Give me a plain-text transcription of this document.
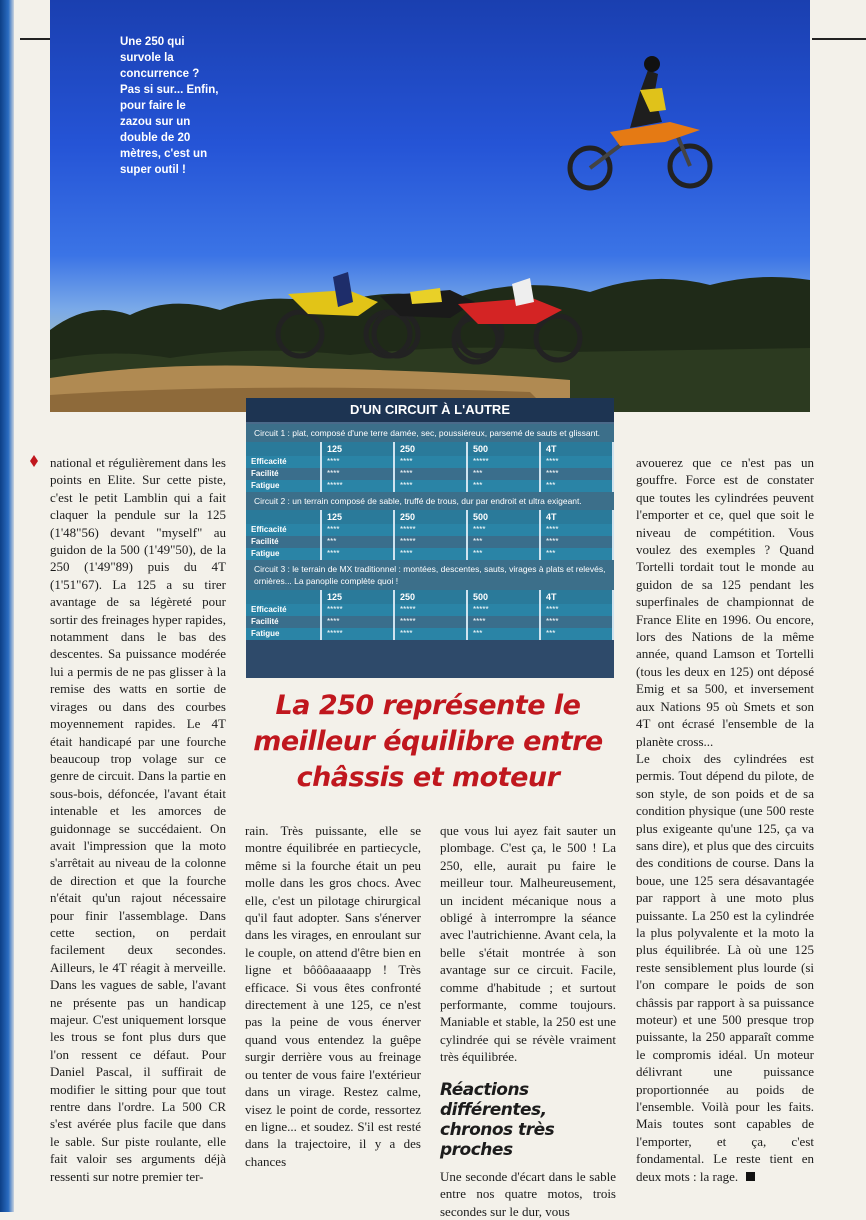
Une 250 qui survole la concurrence ? Pas si sur... Enfin, pour faire le zazou sur un double de 20 mètres, c'est un super outil !
D'UN CIRCUIT À L'AUTRE
Circuit 1 : plat, composé d'une terre damée, sec, poussiéreux, parsemé de sauts et glissant.
125	250	500	4T
Efficacité	****	****	*****	****
Facilité	****	****	***	****
Fatigue	*****	****	***	***
Circuit 2 : un terrain composé de sable, truffé de trous, dur par endroit et ultra exigeant.
125	250	500	4T
Efficacité	****	*****	****	****
Facilité	***	*****	***	****
Fatigue	****	****	***	***
Circuit 3 : le terrain de MX traditionnel : montées, descentes, sauts, virages à plats et relevés, ornières... La panoplie complète quoi !
125	250	500	4T
Efficacité	*****	*****	*****	****
Facilité	****	*****	****	****
Fatigue	*****	****	***	***
La 250 représente le meilleur équilibre entre châssis et moteur

national et régulièrement dans les points en Elite. Sur cette piste, c'est le petit Lamblin qui a fait claquer la pendule sur la 125 (1'48"56) devant "myself" au guidon de la 500 (1'49"50), de la 250 (1'49"89) puis du 4T (1'51"67). La 125 a su tirer avantage de sa légèreté pour sortir des freinages hyper rapides, notamment dans le bas des descentes. Sa puissance modérée lui a permis de ne pas glisser à la remise des watts en sortie de virages ou dans des courbes moyennement rapides. Le 4T était handicapé par une fourche beaucoup trop volage sur ce genre de circuit. Dans la partie en sous-bois, défoncée, l'avant était intenable et les amorces de guidonnage se succédaient. On avait l'impression que la moto s'arrêtait au niveau de la colonne de direction et que la fourche n'était qu'un rajout nécessaire pour finir l'assemblage. Dans cette section, on perdait facilement deux secondes. Ailleurs, le 4T réagit à merveille. Dans les vagues de sable, l'avant ne présente pas un handicap majeur. C'est uniquement lorsque les trous se font plus durs que l'on ressent ce défaut. Pour Daniel Pascal, il suffirait de modifier le sitting pour que tout rentre dans l'ordre. La 500 CR s'est avérée plus facile que dans le sable. Sur piste roulante, elle fait valoir ses arguments déjà ressenti sur notre premier ter-

rain. Très puissante, elle se montre équilibrée en partiecycle, même si la fourche était un peu molle dans les gros chocs. Avec elle, c'est un pilotage chirurgical qu'il faut adopter. Sans s'énerver dans les virages, en enroulant sur le couple, on attend d'être bien en ligne et bôôôaaaaapp ! Très efficace. Si vous êtes confronté directement à une 125, ce n'est pas la peine de vous énerver quand vous entendez la guêpe surgir derrière vous au freinage ou tenter de vous faire l'extérieur dans un virage. Restez calme, visez le point de corde, ressortez en ligne... et soudez. S'il est resté dans la trajectoire, il y a des chances

que vous lui ayez fait sauter un plombage. C'est ça, le 500 ! La 250, elle, aurait pu faire le meilleur tour. Malheureusement, un incident mécanique nous a obligé à interrompre la séance avec l'autrichienne. Avant cela, la belle s'était montrée à son avantage sur ce circuit. Facile, comme d'habitude ; et surtout performante, comme toujours. Maniable et stable, la 250 est une cylindrée qui se révèle vraiment très équilibrée.

Réactions différentes, chronos très proches

Une seconde d'écart dans le sable entre nos quatre motos, trois secondes sur le dur, vous

avouerez que ce n'est pas un gouffre. Force est de constater que toutes les cylindrées peuvent l'emporter et ce, quel que soit le niveau de compétition. Vous voulez des exemples ? Quand Tortelli tordait tout le monde au guidon de sa 125 pendant les superfinales de championnat de France Elite en 1996. Ou encore, lors des Nations de la même année, quand Lamson et Tortelli (tous les deux en 125) ont déposé Emig et sa 500, et inversement aux Nations 95 où Smets et son 4T ont écrasé l'ensemble de la planète cross...

Le choix des cylindrées est permis. Tout dépend du pilote, de son style, de son poids et de sa condition physique (une 500 reste plus exigeante qu'une 125, ça va sans dire), et plus que des circuits des conditions de course. Dans la boue, une 125 sera désavantagée par rapport à une moto plus puissante. La 250 est la cylindrée la plus polyvalente et la moto la plus équilibrée. Là où une 125 reste sensiblement plus lourde (si l'on compare le poids de son châssis par rapport à sa puissance moteur) et une 500 presque trop puissante, la 250 apparaît comme le compromis idéal. Un moteur délivrant une puissance proportionnée au poids de l'ensemble. Voilà pour les faits. Mais toutes sont capables de l'emporter, et ça, c'est fondamental. Le reste tient en deux mots : la rage.
